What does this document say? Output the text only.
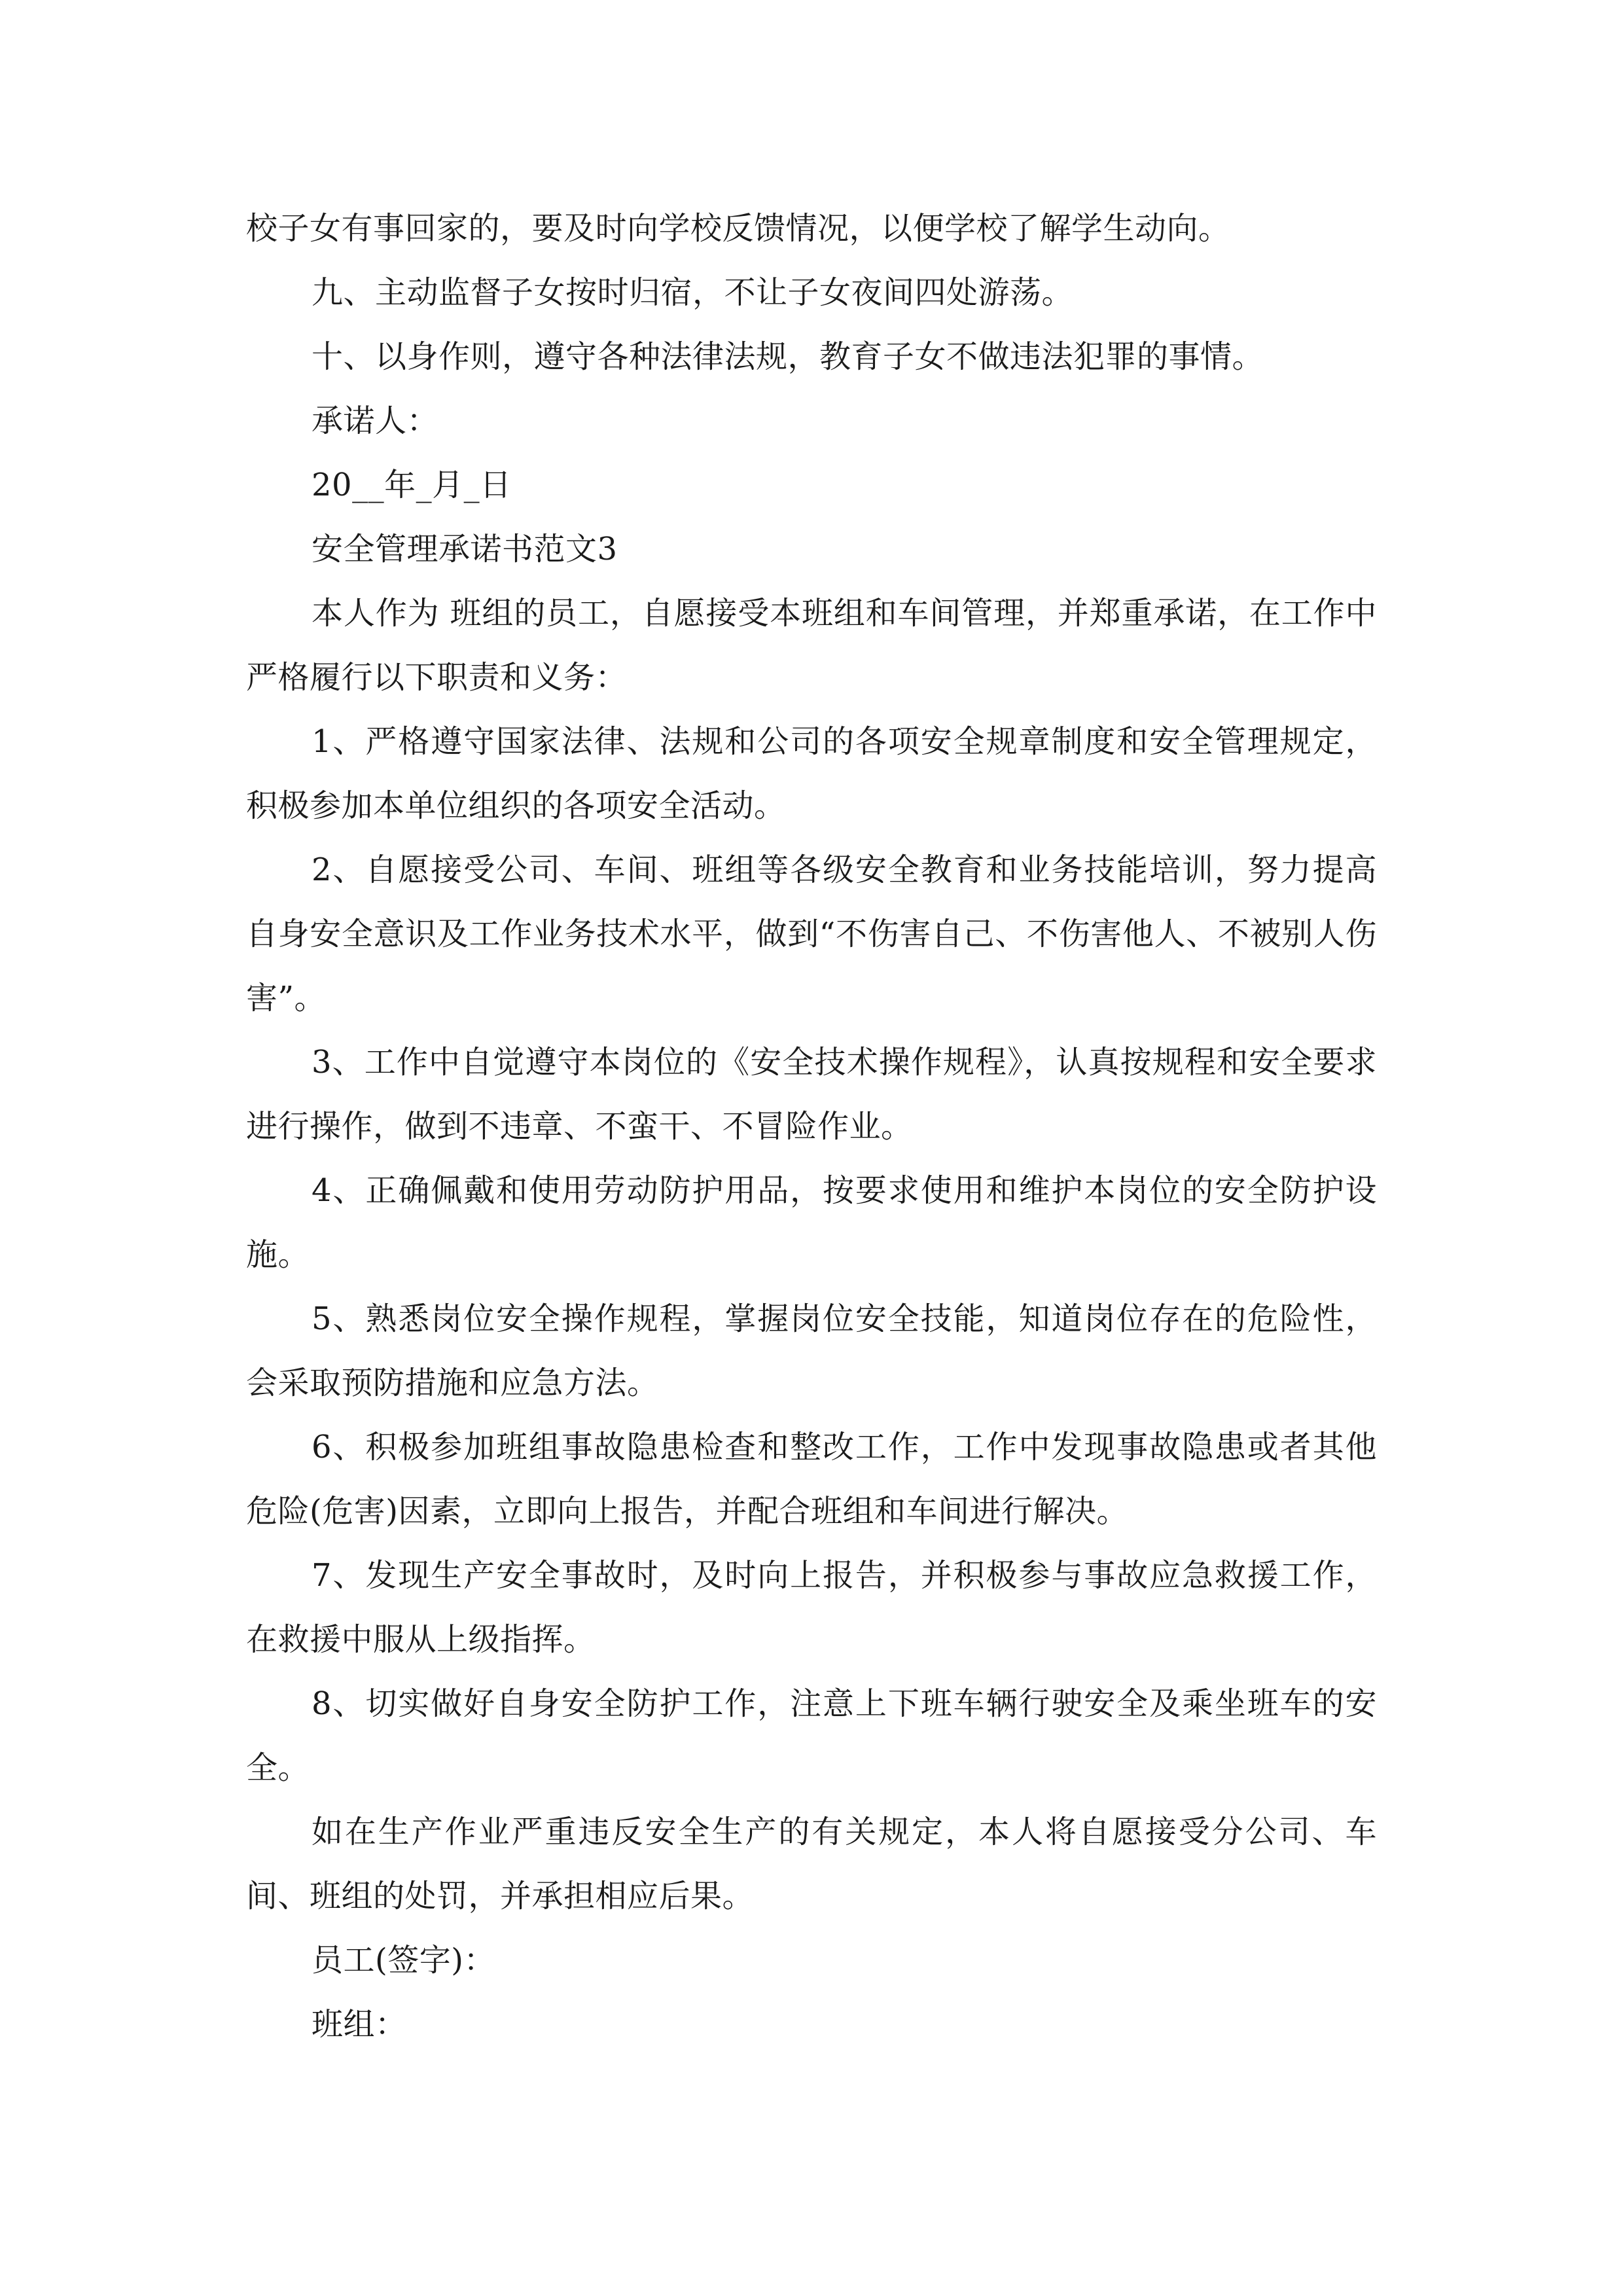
校子女有事回家的，要及时向学校反馈情况，以便学校了解学生动向。

九、主动监督子女按时归宿，不让子女夜间四处游荡。

十、以身作则，遵守各种法律法规，教育子女不做违法犯罪的事情。

承诺人：

20__年_月_日

安全管理承诺书范文3

本人作为 班组的员工，自愿接受本班组和车间管理，并郑重承诺，在工作中严格履行以下职责和义务：

1、严格遵守国家法律、法规和公司的各项安全规章制度和安全管理规定，积极参加本单位组织的各项安全活动。

2、自愿接受公司、车间、班组等各级安全教育和业务技能培训，努力提高自身安全意识及工作业务技术水平，做到“不伤害自己、不伤害他人、不被别人伤害”。

3、工作中自觉遵守本岗位的《安全技术操作规程》，认真按规程和安全要求进行操作，做到不违章、不蛮干、不冒险作业。

4、正确佩戴和使用劳动防护用品，按要求使用和维护本岗位的安全防护设施。

5、熟悉岗位安全操作规程，掌握岗位安全技能，知道岗位存在的危险性，会采取预防措施和应急方法。

6、积极参加班组事故隐患检查和整改工作，工作中发现事故隐患或者其他危险(危害)因素，立即向上报告，并配合班组和车间进行解决。

7、发现生产安全事故时，及时向上报告，并积极参与事故应急救援工作，在救援中服从上级指挥。

8、切实做好自身安全防护工作，注意上下班车辆行驶安全及乘坐班车的安全。

如在生产作业严重违反安全生产的有关规定，本人将自愿接受分公司、车间、班组的处罚，并承担相应后果。

员工(签字)：

班组：
